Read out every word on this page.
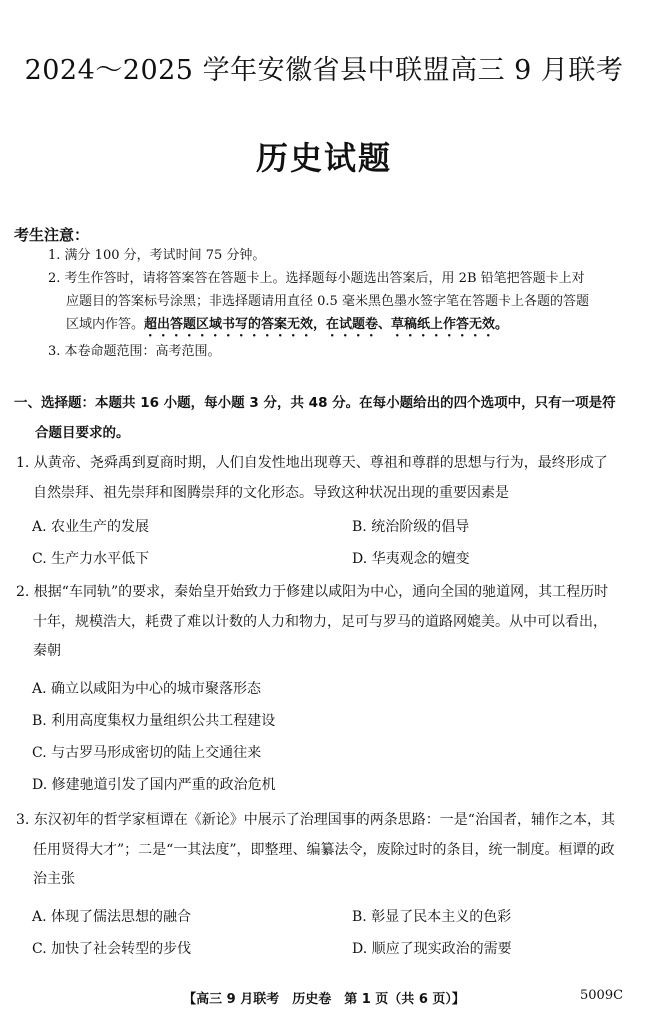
2024～2025 学年安徽省县中联盟高三 9 月联考
历史试题
考生注意：
1. 满分 100 分，考试时间 75 分钟。
2. 考生作答时，请将答案答在答题卡上。选择题每小题选出答案后，用 2B 铅笔把答题卡上对
应题目的答案标号涂黑；非选择题请用直径 0.5 毫米黑色墨水签字笔在答题卡上各题的答题
区域内作答。超出答题区域书写的答案无效，在试题卷、草稿纸上作答无效。
3. 本卷命题范围：高考范围。
一、选择题：本题共 16 小题，每小题 3 分，共 48 分。在每小题给出的四个选项中，只有一项是符
合题目要求的。
1. 从黄帝、尧舜禹到夏商时期，人们自发性地出现尊天、尊祖和尊群的思想与行为，最终形成了
自然崇拜、祖先崇拜和图腾崇拜的文化形态。导致这种状况出现的重要因素是
A. 农业生产的发展	B. 统治阶级的倡导
C. 生产力水平低下	D. 华夷观念的嬗变
2. 根据“车同轨”的要求，秦始皇开始致力于修建以咸阳为中心，通向全国的驰道网，其工程历时
十年，规模浩大，耗费了难以计数的人力和物力，足可与罗马的道路网媲美。从中可以看出，
秦朝
A. 确立以咸阳为中心的城市聚落形态
B. 利用高度集权力量组织公共工程建设
C. 与古罗马形成密切的陆上交通往来
D. 修建驰道引发了国内严重的政治危机
3. 东汉初年的哲学家桓谭在《新论》中展示了治理国事的两条思路：一是“治国者，辅作之本，其
任用贤得大才”；二是“一其法度”，即整理、编纂法令，废除过时的条目，统一制度。桓谭的政
治主张
A. 体现了儒法思想的融合	B. 彰显了民本主义的色彩
C. 加快了社会转型的步伐	D. 顺应了现实政治的需要
【高三 9 月联考　历史卷　第 1 页（共 6 页）】	5009C
